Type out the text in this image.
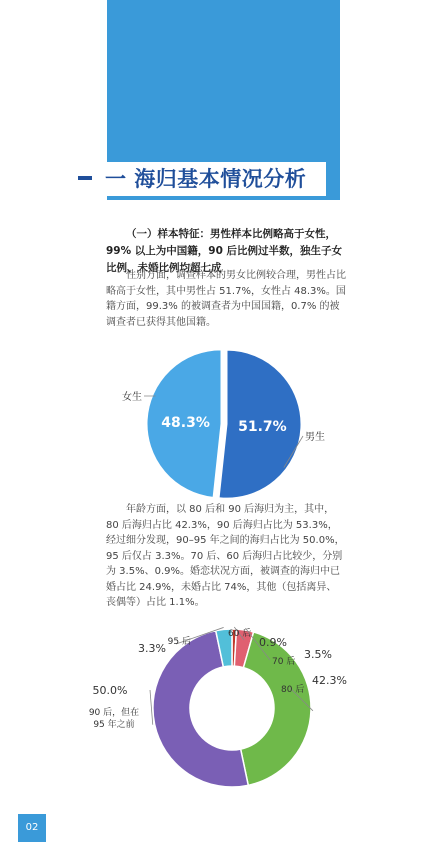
一 海归基本情况分析
（一）样本特征：男性样本比例略高于女性，99% 以上为中国籍，90 后比例过半数，独生子女比例、未婚比例均超七成
性别方面，调查样本的男女比例较合理，男性占比略高于女性，其中男性占 51.7%，女性占 48.3%。国籍方面，99.3% 的被调查者为中国国籍，0.7% 的被调查者已获得其他国籍。
51.7%
48.3%
男生
女生
60 后
0.9%
70 后
3.5%
80 后
42.3%
90 后，但在 95 年之前
50.0%
95 后
3.3%
年龄方面，以 80 后和 90 后海归为主，其中，80 后海归占比 42.3%，90 后海归占比为 53.3%，经过细分发现，90–95 年之间的海归占比为 50.0%，95 后仅占 3.3%。70 后、60 后海归占比较少，分别为 3.5%、0.9%。婚恋状况方面，被调查的海归中已婚占比 24.9%，未婚占比 74%，其他（包括离异、丧偶等）占比 1.1%。
02
